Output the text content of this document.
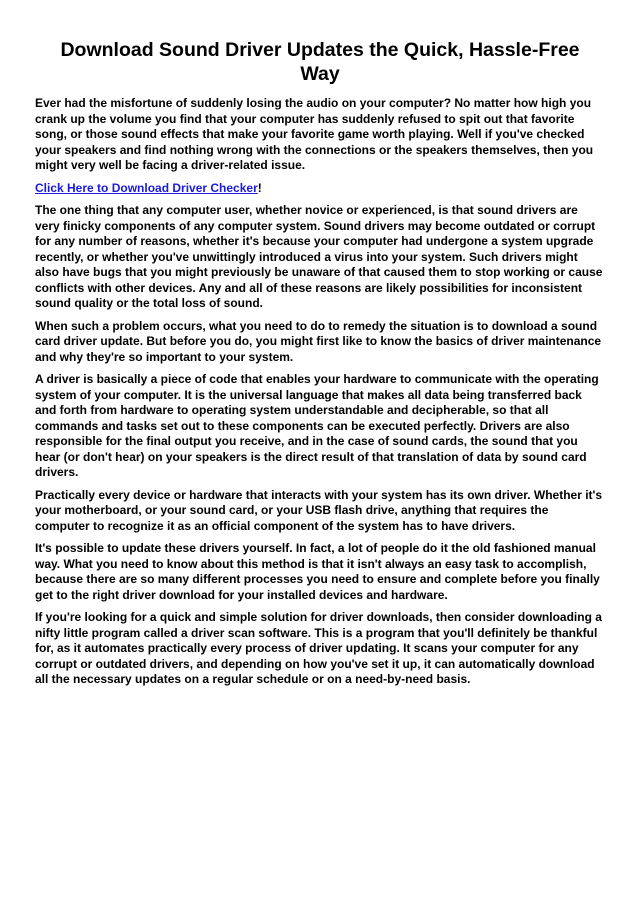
Download Sound Driver Updates the Quick, Hassle-Free Way

Ever had the misfortune of suddenly losing the audio on your computer? No matter how high you crank up the volume you find that your computer has suddenly refused to spit out that favorite song, or those sound effects that make your favorite game worth playing. Well if you've checked your speakers and find nothing wrong with the connections or the speakers themselves, then you might very well be facing a driver-related issue.

Click Here to Download Driver Checker!

The one thing that any computer user, whether novice or experienced, is that sound drivers are very finicky components of any computer system. Sound drivers may become outdated or corrupt for any number of reasons, whether it's because your computer had undergone a system upgrade recently, or whether you've unwittingly introduced a virus into your system. Such drivers might also have bugs that you might previously be unaware of that caused them to stop working or cause conflicts with other devices. Any and all of these reasons are likely possibilities for inconsistent sound quality or the total loss of sound.

When such a problem occurs, what you need to do to remedy the situation is to download a sound card driver update. But before you do, you might first like to know the basics of driver maintenance and why they're so important to your system.

A driver is basically a piece of code that enables your hardware to communicate with the operating system of your computer. It is the universal language that makes all data being transferred back and forth from hardware to operating system understandable and decipherable, so that all commands and tasks set out to these components can be executed perfectly. Drivers are also responsible for the final output you receive, and in the case of sound cards, the sound that you hear (or don't hear) on your speakers is the direct result of that translation of data by sound card drivers.

Practically every device or hardware that interacts with your system has its own driver. Whether it's your motherboard, or your sound card, or your USB flash drive, anything that requires the computer to recognize it as an official component of the system has to have drivers.

It's possible to update these drivers yourself. In fact, a lot of people do it the old fashioned manual way. What you need to know about this method is that it isn't always an easy task to accomplish, because there are so many different processes you need to ensure and complete before you finally get to the right driver download for your installed devices and hardware.

If you're looking for a quick and simple solution for driver downloads, then consider downloading a nifty little program called a driver scan software. This is a program that you'll definitely be thankful for, as it automates practically every process of driver updating. It scans your computer for any corrupt or outdated drivers, and depending on how you've set it up, it can automatically download all the necessary updates on a regular schedule or on a need-by-need basis.
